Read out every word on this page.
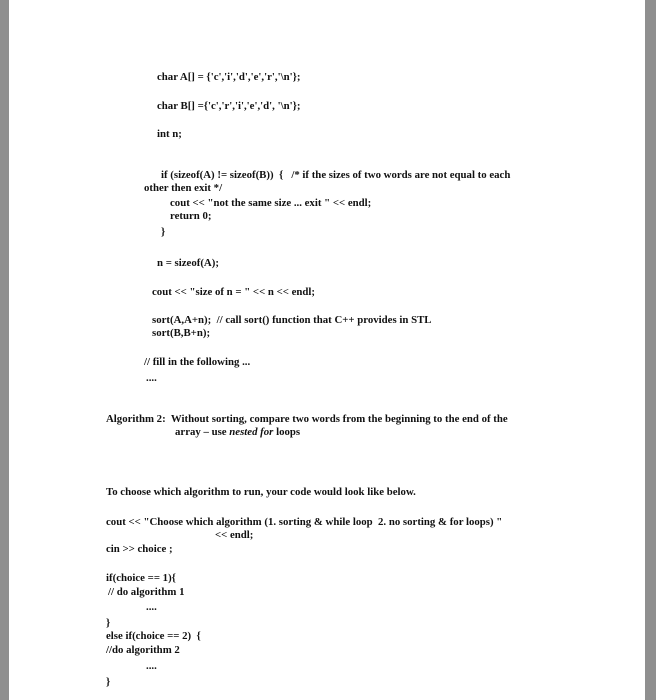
char A[] = {'c','i','d','e','r','\n'};
char B[] ={'c','r','i','e','d', '\n'};
int n;
if (sizeof(A) != sizeof(B))  {   /* if the sizes of two words are not equal to each
other then exit */
cout << "not the same size ... exit " << endl;
return 0;
}
n = sizeof(A);
cout << "size of n = " << n << endl;
sort(A,A+n);  // call sort() function that C++ provides in STL
sort(B,B+n);
// fill in the following ...
....
Algorithm 2:  Without sorting, compare two words from the beginning to the end of the
array – use nested for loops
To choose which algorithm to run, your code would look like below.
cout << "Choose which algorithm (1. sorting & while loop  2. no sorting & for loops) "
<< endl;
cin >> choice ;
if(choice == 1){
// do algorithm 1
....
}
else if(choice == 2)  {
//do algorithm 2
....
}
